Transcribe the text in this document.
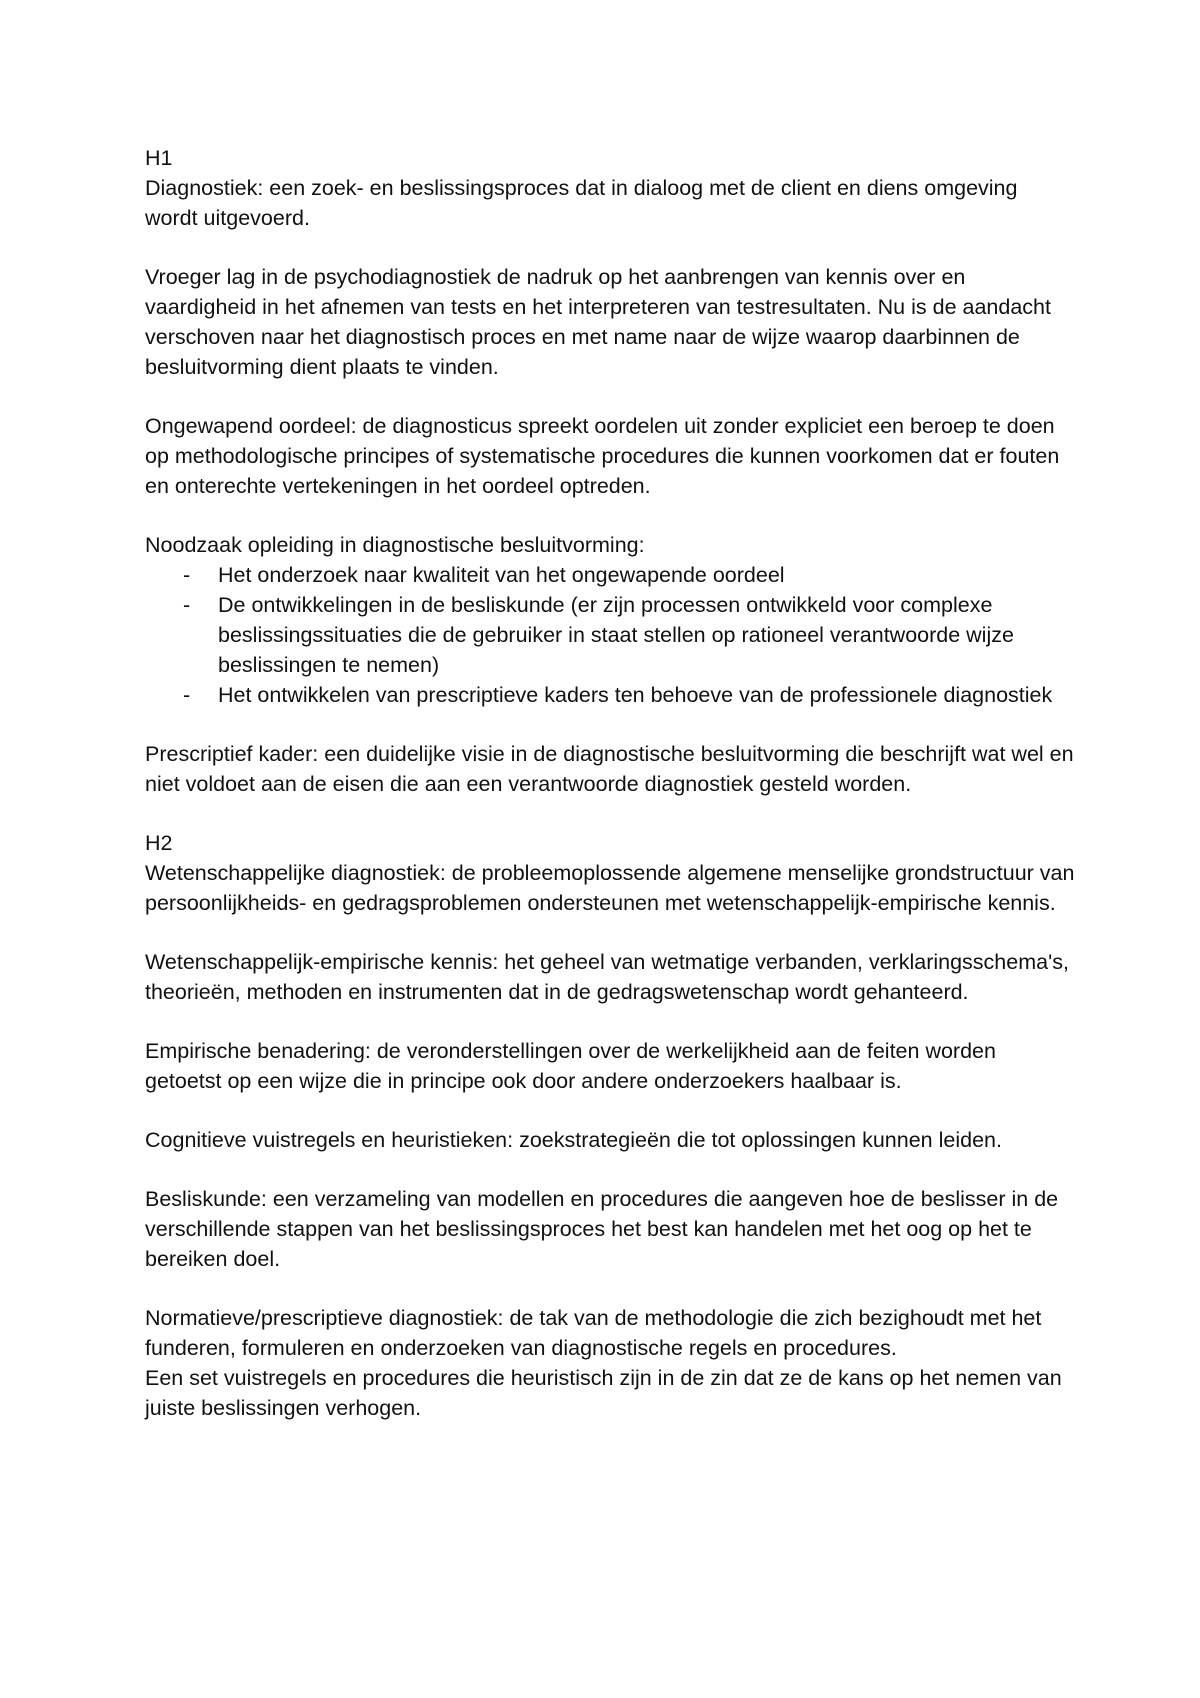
H1

Diagnostiek: een zoek- en beslissingsproces dat in dialoog met de client en diens omgeving wordt uitgevoerd.

Vroeger lag in de psychodiagnostiek de nadruk op het aanbrengen van kennis over en vaardigheid in het afnemen van tests en het interpreteren van testresultaten. Nu is de aandacht verschoven naar het diagnostisch proces en met name naar de wijze waarop daarbinnen de besluitvorming dient plaats te vinden.

Ongewapend oordeel: de diagnosticus spreekt oordelen uit zonder expliciet een beroep te doen op methodologische principes of systematische procedures die kunnen voorkomen dat er fouten en onterechte vertekeningen in het oordeel optreden.

Noodzaak opleiding in diagnostische besluitvorming:

- Het onderzoek naar kwaliteit van het ongewapende oordeel
- De ontwikkelingen in de besliskunde (er zijn processen ontwikkeld voor complexe beslissingssituaties die de gebruiker in staat stellen op rationeel verantwoorde wijze beslissingen te nemen)
- Het ontwikkelen van prescriptieve kaders ten behoeve van de professionele diagnostiek

Prescriptief kader: een duidelijke visie in de diagnostische besluitvorming die beschrijft wat wel en niet voldoet aan de eisen die aan een verantwoorde diagnostiek gesteld worden.

H2

Wetenschappelijke diagnostiek: de probleemoplossende algemene menselijke grondstructuur van persoonlijkheids- en gedragsproblemen ondersteunen met wetenschappelijk-empirische kennis.

Wetenschappelijk-empirische kennis: het geheel van wetmatige verbanden, verklaringsschema's, theorieën, methoden en instrumenten dat in de gedragswetenschap wordt gehanteerd.

Empirische benadering: de veronderstellingen over de werkelijkheid aan de feiten worden getoetst op een wijze die in principe ook door andere onderzoekers haalbaar is.

Cognitieve vuistregels en heuristieken: zoekstrategieën die tot oplossingen kunnen leiden.

Besliskunde: een verzameling van modellen en procedures die aangeven hoe de beslisser in de verschillende stappen van het beslissingsproces het best kan handelen met het oog op het te bereiken doel.

Normatieve/prescriptieve diagnostiek: de tak van de methodologie die zich bezighoudt met het funderen, formuleren en onderzoeken van diagnostische regels en procedures.

Een set vuistregels en procedures die heuristisch zijn in de zin dat ze de kans op het nemen van juiste beslissingen verhogen.
